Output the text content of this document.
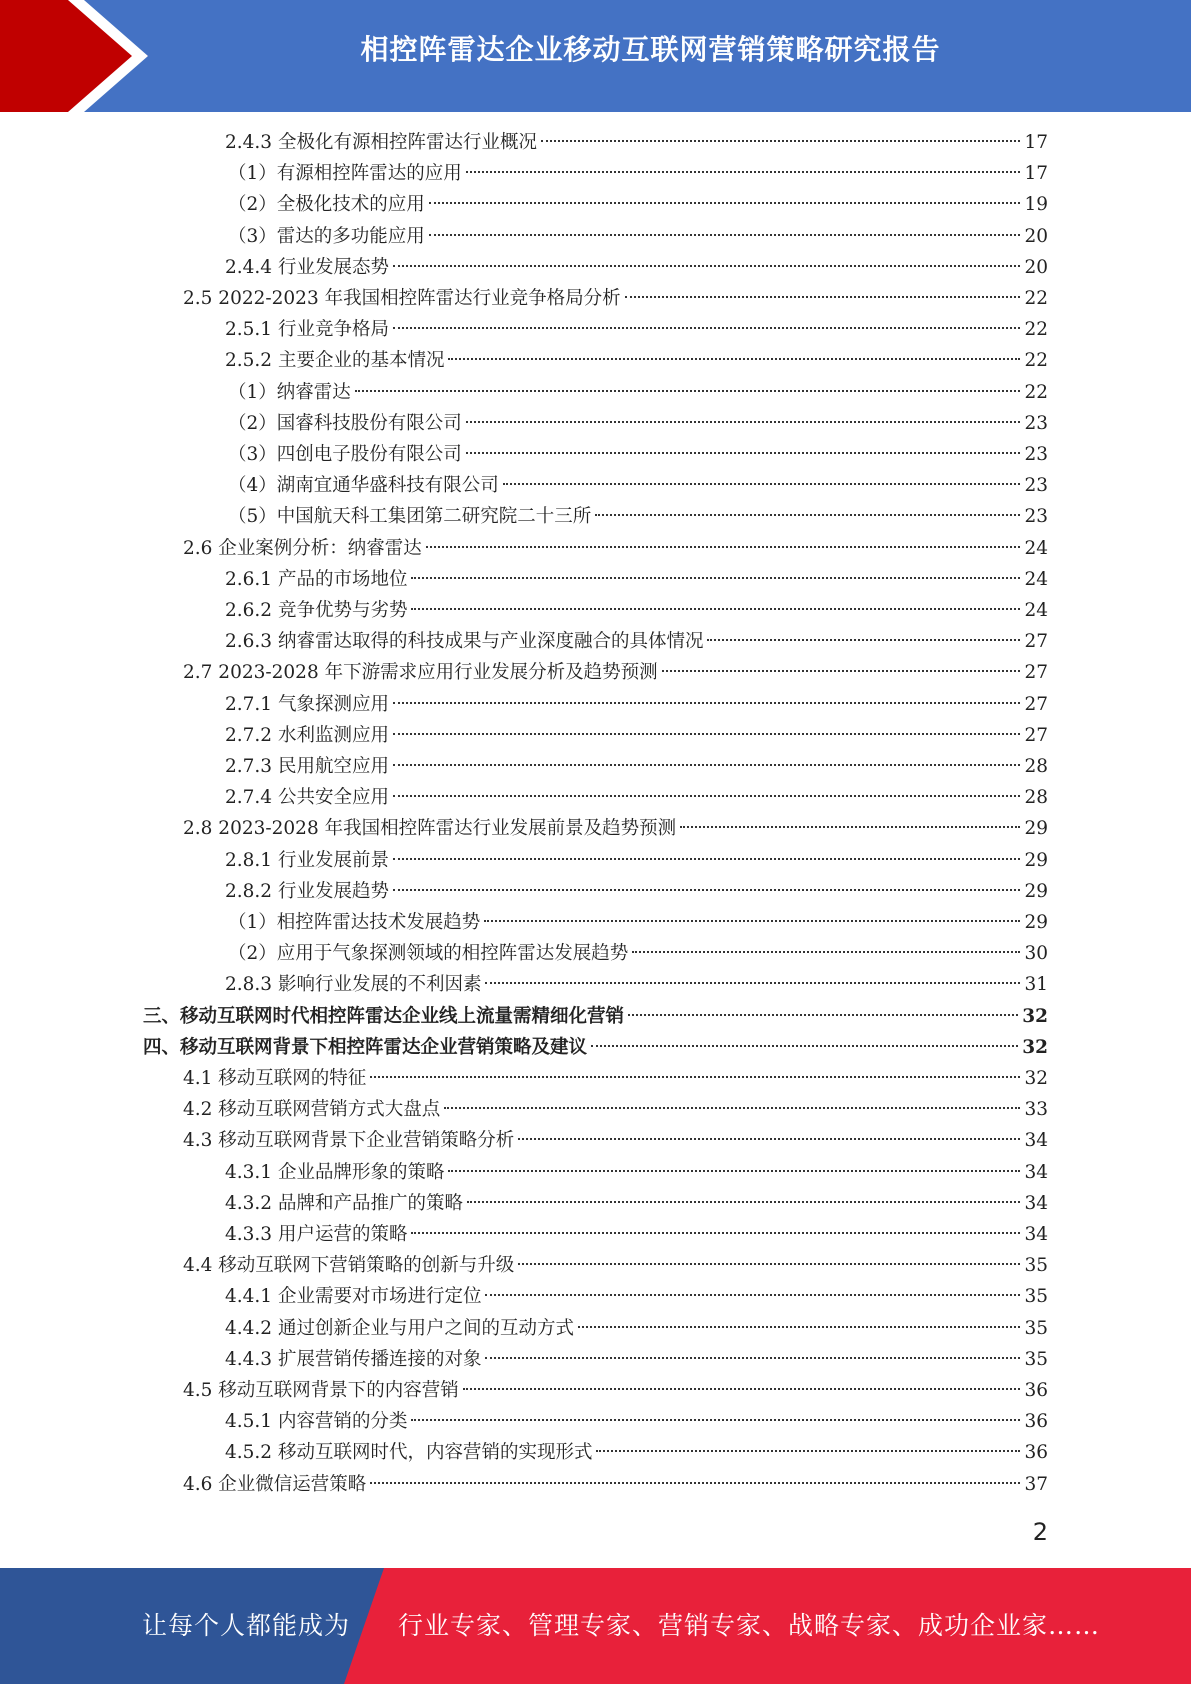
相控阵雷达企业移动互联网营销策略研究报告
2.4.3 全极化有源相控阵雷达行业概况	17
（1）有源相控阵雷达的应用	17
（2）全极化技术的应用	19
（3）雷达的多功能应用	20
2.4.4 行业发展态势	20
2.5 2022-2023 年我国相控阵雷达行业竞争格局分析	22
2.5.1 行业竞争格局	22
2.5.2 主要企业的基本情况	22
（1）纳睿雷达	22
（2）国睿科技股份有限公司	23
（3）四创电子股份有限公司	23
（4）湖南宜通华盛科技有限公司	23
（5）中国航天科工集团第二研究院二十三所	23
2.6 企业案例分析：纳睿雷达	24
2.6.1 产品的市场地位	24
2.6.2 竞争优势与劣势	24
2.6.3 纳睿雷达取得的科技成果与产业深度融合的具体情况	27
2.7 2023-2028 年下游需求应用行业发展分析及趋势预测	27
2.7.1 气象探测应用	27
2.7.2 水利监测应用	27
2.7.3 民用航空应用	28
2.7.4 公共安全应用	28
2.8 2023-2028 年我国相控阵雷达行业发展前景及趋势预测	29
2.8.1 行业发展前景	29
2.8.2 行业发展趋势	29
（1）相控阵雷达技术发展趋势	29
（2）应用于气象探测领域的相控阵雷达发展趋势	30
2.8.3 影响行业发展的不利因素	31
三、移动互联网时代相控阵雷达企业线上流量需精细化营销	32
四、移动互联网背景下相控阵雷达企业营销策略及建议	32
4.1 移动互联网的特征	32
4.2 移动互联网营销方式大盘点	33
4.3 移动互联网背景下企业营销策略分析	34
4.3.1 企业品牌形象的策略	34
4.3.2 品牌和产品推广的策略	34
4.3.3 用户运营的策略	34
4.4 移动互联网下营销策略的创新与升级	35
4.4.1 企业需要对市场进行定位	35
4.4.2 通过创新企业与用户之间的互动方式	35
4.4.3 扩展营销传播连接的对象	35
4.5 移动互联网背景下的内容营销	36
4.5.1 内容营销的分类	36
4.5.2 移动互联网时代，内容营销的实现形式	36
4.6 企业微信运营策略	37
2
让每个人都能成为 行业专家、管理专家、营销专家、战略专家、成功企业家……
